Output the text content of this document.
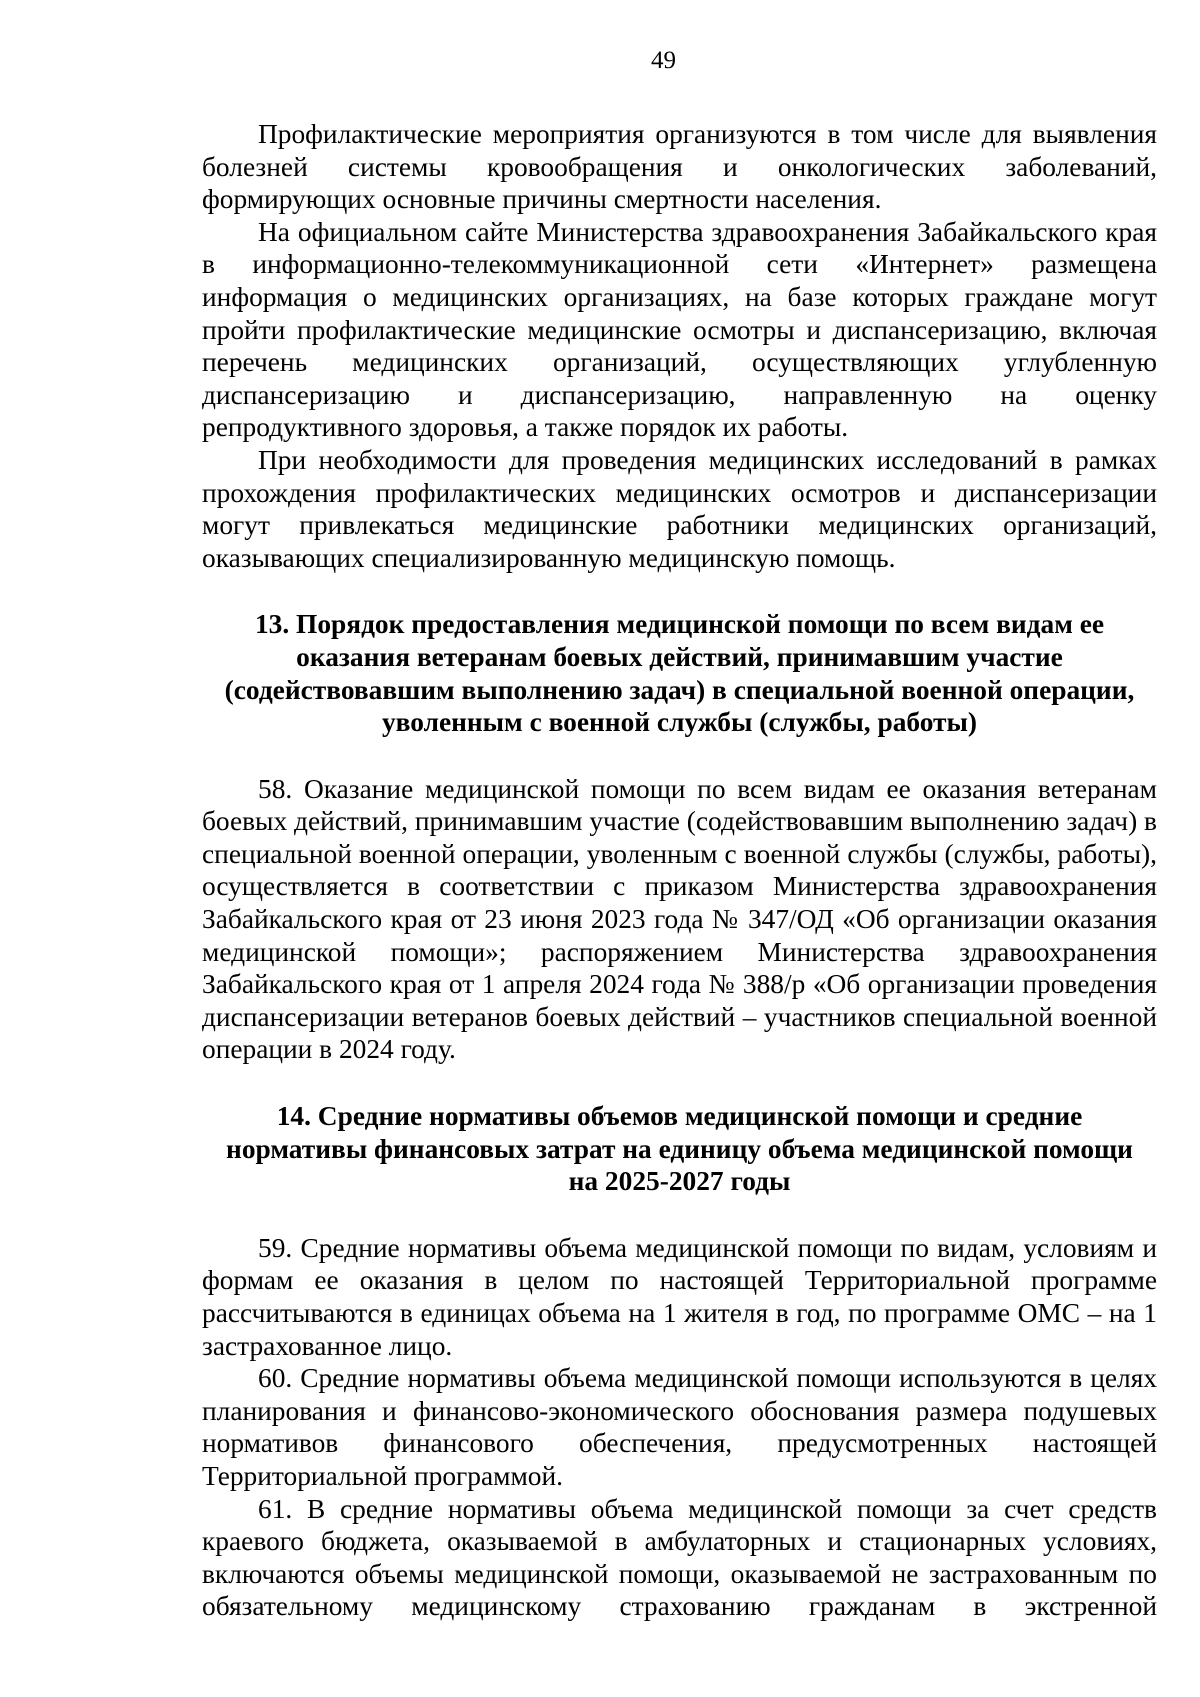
49

Профилактические мероприятия организуются в том числе для выявления болезней системы кровообращения и онкологических заболеваний, формирующих основные причины смертности населения.

На официальном сайте Министерства здравоохранения Забайкальского края в информационно-телекоммуникационной сети «Интернет» размещена информация о медицинских организациях, на базе которых граждане могут пройти профилактические медицинские осмотры и диспансеризацию, включая перечень медицинских организаций, осуществляющих углубленную диспансеризацию и диспансеризацию, направленную на оценку репродуктивного здоровья, а также порядок их работы.

При необходимости для проведения медицинских исследований в рамках прохождения профилактических медицинских осмотров и диспансеризации могут привлекаться медицинские работники медицинских организаций, оказывающих специализированную медицинскую помощь.

13. Порядок предоставления медицинской помощи по всем видам ее
оказания ветеранам боевых действий, принимавшим участие
(содействовавшим выполнению задач) в специальной военной операции,
уволенным с военной службы (службы, работы)

58. Оказание медицинской помощи по всем видам ее оказания ветеранам боевых действий, принимавшим участие (содействовавшим выполнению задач) в специальной военной операции, уволенным с военной службы (службы, работы), осуществляется в соответствии с приказом Министерства здравоохранения Забайкальского края от 23 июня 2023 года № 347/ОД «Об организации оказания медицинской помощи»; распоряжением Министерства здравоохранения Забайкальского края от 1 апреля 2024 года № 388/р «Об организации проведения диспансеризации ветеранов боевых действий – участников специальной военной операции в 2024 году.

14. Средние нормативы объемов медицинской помощи и средние
нормативы финансовых затрат на единицу объема медицинской помощи
на 2025-2027 годы

59. Средние нормативы объема медицинской помощи по видам, условиям и формам ее оказания в целом по настоящей Территориальной программе рассчитываются в единицах объема на 1 жителя в год, по программе ОМС – на 1 застрахованное лицо.

60. Средние нормативы объема медицинской помощи используются в целях планирования и финансово-экономического обоснования размера подушевых нормативов финансового обеспечения, предусмотренных настоящей Территориальной программой.

61. В средние нормативы объема медицинской помощи за счет средств краевого бюджета, оказываемой в амбулаторных и стационарных условиях, включаются объемы медицинской помощи, оказываемой не застрахованным по обязательному медицинскому страхованию гражданам в экстренной
